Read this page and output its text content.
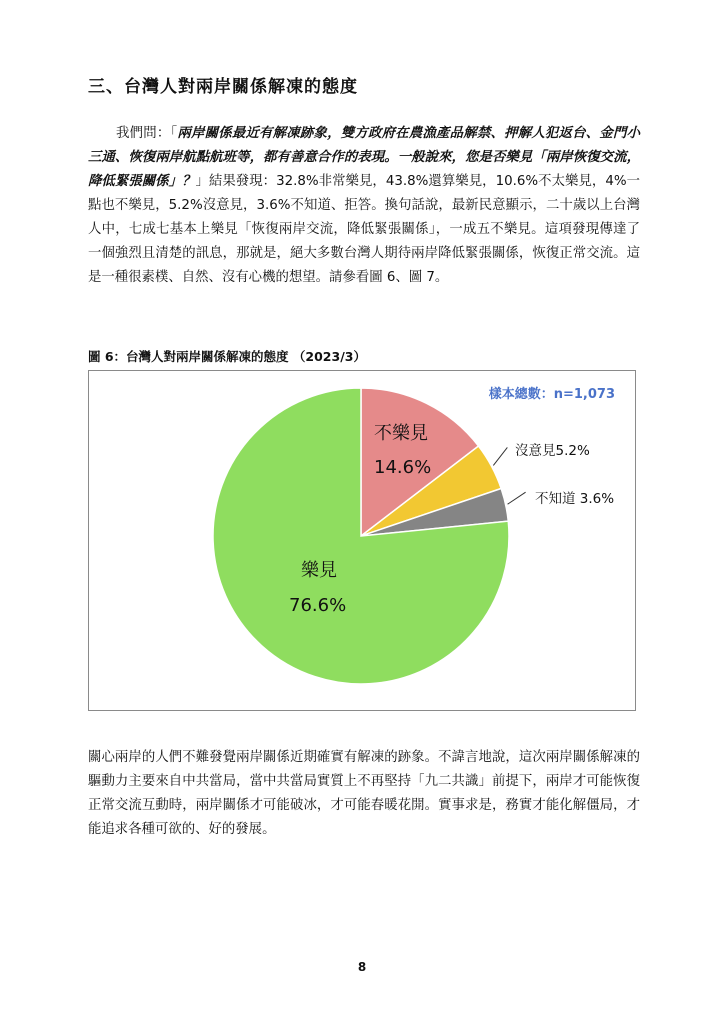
三、台灣人對兩岸關係解凍的態度
我們問：「兩岸關係最近有解凍跡象，雙方政府在農漁產品解禁、押解人犯返台、金門小三通、恢復兩岸航點航班等，都有善意合作的表現。一般說來，您是否樂見「兩岸恢復交流，降低緊張關係」？」結果發現：32.8%非常樂見，43.8%還算樂見，10.6%不太樂見，4%一點也不樂見，5.2%沒意見，3.6%不知道、拒答。換句話說，最新民意顯示，二十歲以上台灣人中，七成七基本上樂見「恢復兩岸交流，降低緊張關係」，一成五不樂見。這項發現傳達了一個強烈且清楚的訊息，那就是，絕大多數台灣人期待兩岸降低緊張關係，恢復正常交流。這是一種很素樸、自然、沒有心機的想望。請參看圖 6、圖 7。
圖 6：台灣人對兩岸關係解凍的態度 （2023/3）
樣本總數：n=1,073
不樂見
14.6%
沒意見5.2%
不知道 3.6%
樂見
76.6%
關心兩岸的人們不難發覺兩岸關係近期確實有解凍的跡象。不諱言地說，這次兩岸關係解凍的驅動力主要來自中共當局，當中共當局實質上不再堅持「九二共識」前提下，兩岸才可能恢復正常交流互動時，兩岸關係才可能破冰，才可能春暖花開。實事求是，務實才能化解僵局，才能追求各種可欲的、好的發展。
8
